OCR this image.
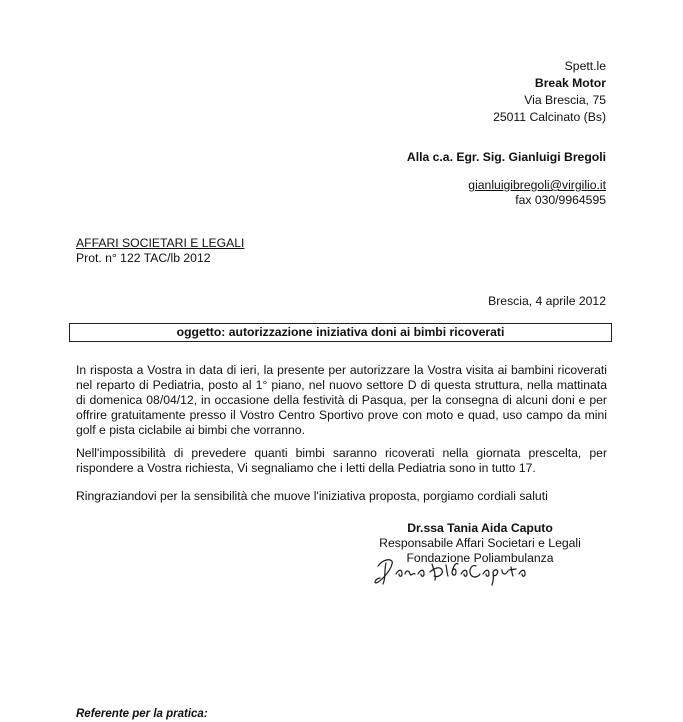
Spett.le
Break Motor
Via Brescia, 75
25011 Calcinato (Bs)
Alla c.a. Egr. Sig. Gianluigi Bregoli
gianluigibregoli@virgilio.it
fax 030/9964595
AFFARI SOCIETARI E LEGALI
Prot. n° 122 TAC/lb 2012
Brescia, 4 aprile 2012
oggetto: autorizzazione iniziativa doni ai bimbi ricoverati

In risposta a Vostra in data di ieri, la presente per autorizzare la Vostra visita ai bambini ricoverati nel reparto di Pediatria, posto al 1° piano, nel nuovo settore D di questa struttura, nella mattinata di domenica 08/04/12, in occasione della festività di Pasqua, per la consegna di alcuni doni e per offrire gratuitamente presso il Vostro Centro Sportivo prove con moto e quad, uso campo da mini golf e pista ciclabile ai bimbi che vorranno.

Nell'impossibilità di prevedere quanti bimbi saranno ricoverati nella giornata prescelta, per rispondere a Vostra richiesta, Vi segnaliamo che i letti della Pediatria sono in tutto 17.

Ringraziandovi per la sensibilità che muove l'iniziativa proposta, porgiamo cordiali saluti

Dr.ssa Tania Aida Caputo
Responsabile Affari Societari e Legali
Fondazione Poliambulanza
Referente per la pratica:
